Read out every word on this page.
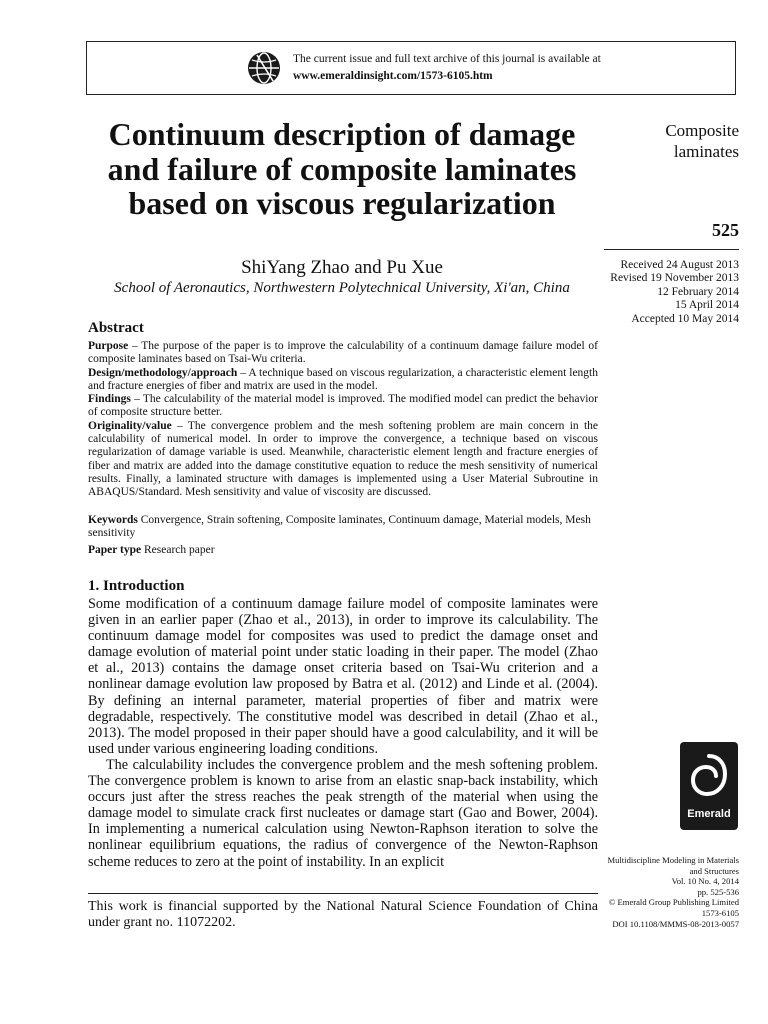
The current issue and full text archive of this journal is available at
www.emeraldinsight.com/1573-6105.htm
Continuum description of damage and failure of composite laminates based on viscous regularization
ShiYang Zhao and Pu Xue
School of Aeronautics, Northwestern Polytechnical University, Xi'an, China
Composite laminates
525
Received 24 August 2013
Revised 19 November 2013
12 February 2014
15 April 2014
Accepted 10 May 2014
Abstract

Purpose – The purpose of the paper is to improve the calculability of a continuum damage failure model of composite laminates based on Tsai-Wu criteria.

Design/methodology/approach – A technique based on viscous regularization, a characteristic element length and fracture energies of fiber and matrix are used in the model.

Findings – The calculability of the material model is improved. The modified model can predict the behavior of composite structure better.

Originality/value – The convergence problem and the mesh softening problem are main concern in the calculability of numerical model. In order to improve the convergence, a technique based on viscous regularization of damage variable is used. Meanwhile, characteristic element length and fracture energies of fiber and matrix are added into the damage constitutive equation to reduce the mesh sensitivity of numerical results. Finally, a laminated structure with damages is implemented using a User Material Subroutine in ABAQUS/Standard. Mesh sensitivity and value of viscosity are discussed.

Keywords Convergence, Strain softening, Composite laminates, Continuum damage, Material models, Mesh sensitivity
Paper type Research paper
1. Introduction

Some modification of a continuum damage failure model of composite laminates were given in an earlier paper (Zhao et al., 2013), in order to improve its calculability. The continuum damage model for composites was used to predict the damage onset and damage evolution of material point under static loading in their paper. The model (Zhao et al., 2013) contains the damage onset criteria based on Tsai-Wu criterion and a nonlinear damage evolution law proposed by Batra et al. (2012) and Linde et al. (2004). By defining an internal parameter, material properties of fiber and matrix were degradable, respectively. The constitutive model was described in detail (Zhao et al., 2013). The model proposed in their paper should have a good calculability, and it will be used under various engineering loading conditions.

The calculability includes the convergence problem and the mesh softening problem. The convergence problem is known to arise from an elastic snap-back instability, which occurs just after the stress reaches the peak strength of the material when using the damage model to simulate crack first nucleates or damage start (Gao and Bower, 2004). In implementing a numerical calculation using Newton-Raphson iteration to solve the nonlinear equilibrium equations, the radius of convergence of the Newton-Raphson scheme reduces to zero at the point of instability. In an explicit

This work is financial supported by the National Natural Science Foundation of China under grant no. 11072202.
Emerald
Multidiscipline Modeling in Materials
and Structures
Vol. 10 No. 4, 2014
pp. 525-536
© Emerald Group Publishing Limited
1573-6105
DOI 10.1108/MMMS-08-2013-0057
